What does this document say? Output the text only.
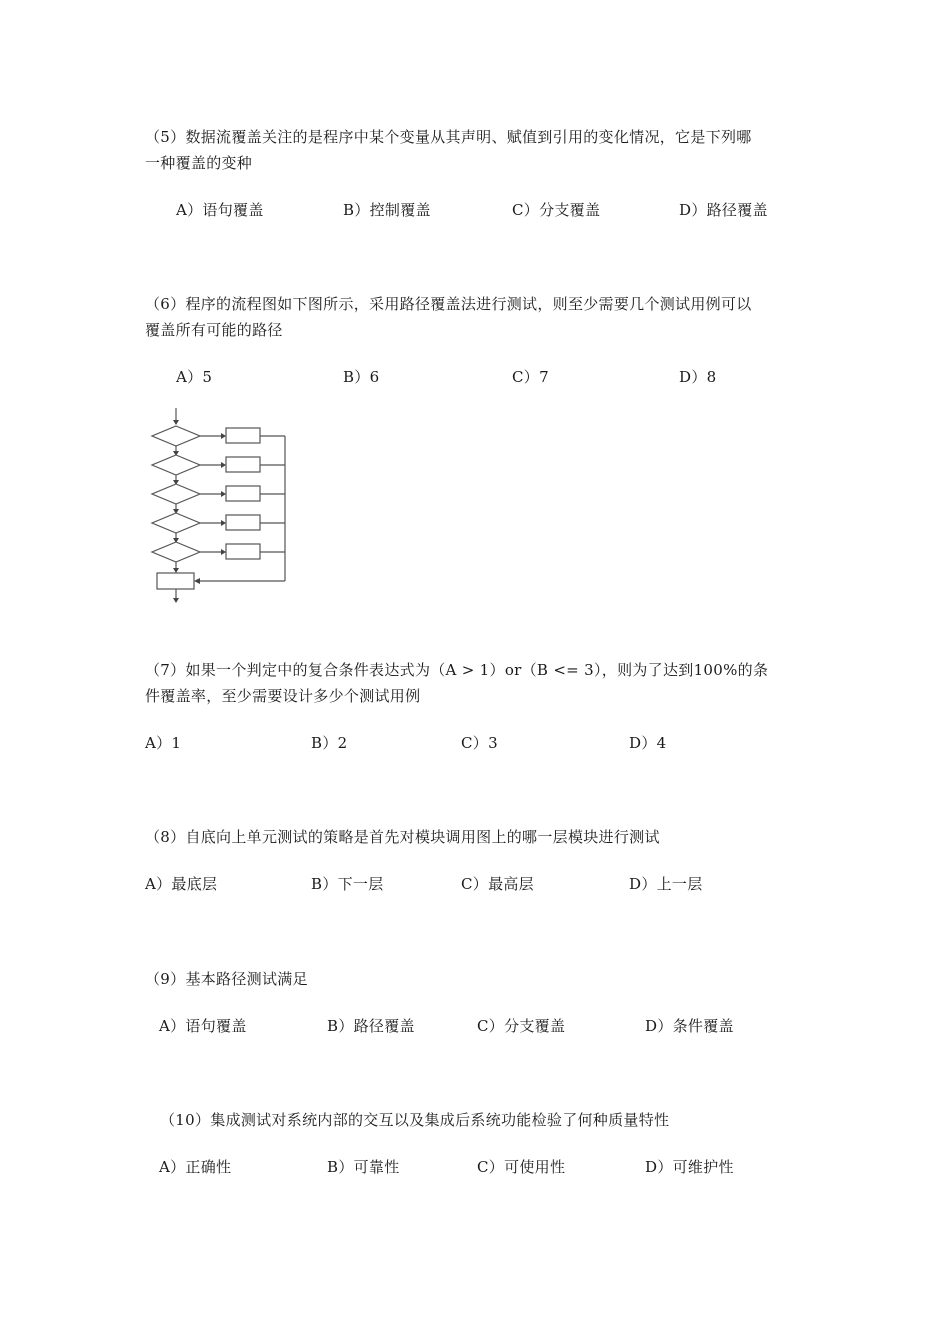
（5）数据流覆盖关注的是程序中某个变量从其声明、赋值到引用的变化情况，它是下列哪
一种覆盖的变种
A）语句覆盖	B）控制覆盖	C）分支覆盖	D）路径覆盖
（6）程序的流程图如下图所示，采用路径覆盖法进行测试，则至少需要几个测试用例可以
覆盖所有可能的路径
A）5	B）6	C）7	D）8
（7）如果一个判定中的复合条件表达式为（A > 1）or（B <= 3），则为了达到100%的条
件覆盖率，至少需要设计多少个测试用例
A）1	B）2	C）3	D）4
（8）自底向上单元测试的策略是首先对模块调用图上的哪一层模块进行测试
A）最底层	B）下一层	C）最高层	D）上一层
（9）基本路径测试满足
A）语句覆盖	B）路径覆盖	C）分支覆盖	D）条件覆盖
（10）集成测试对系统内部的交互以及集成后系统功能检验了何种质量特性
A）正确性	B）可靠性	C）可使用性	D）可维护性
